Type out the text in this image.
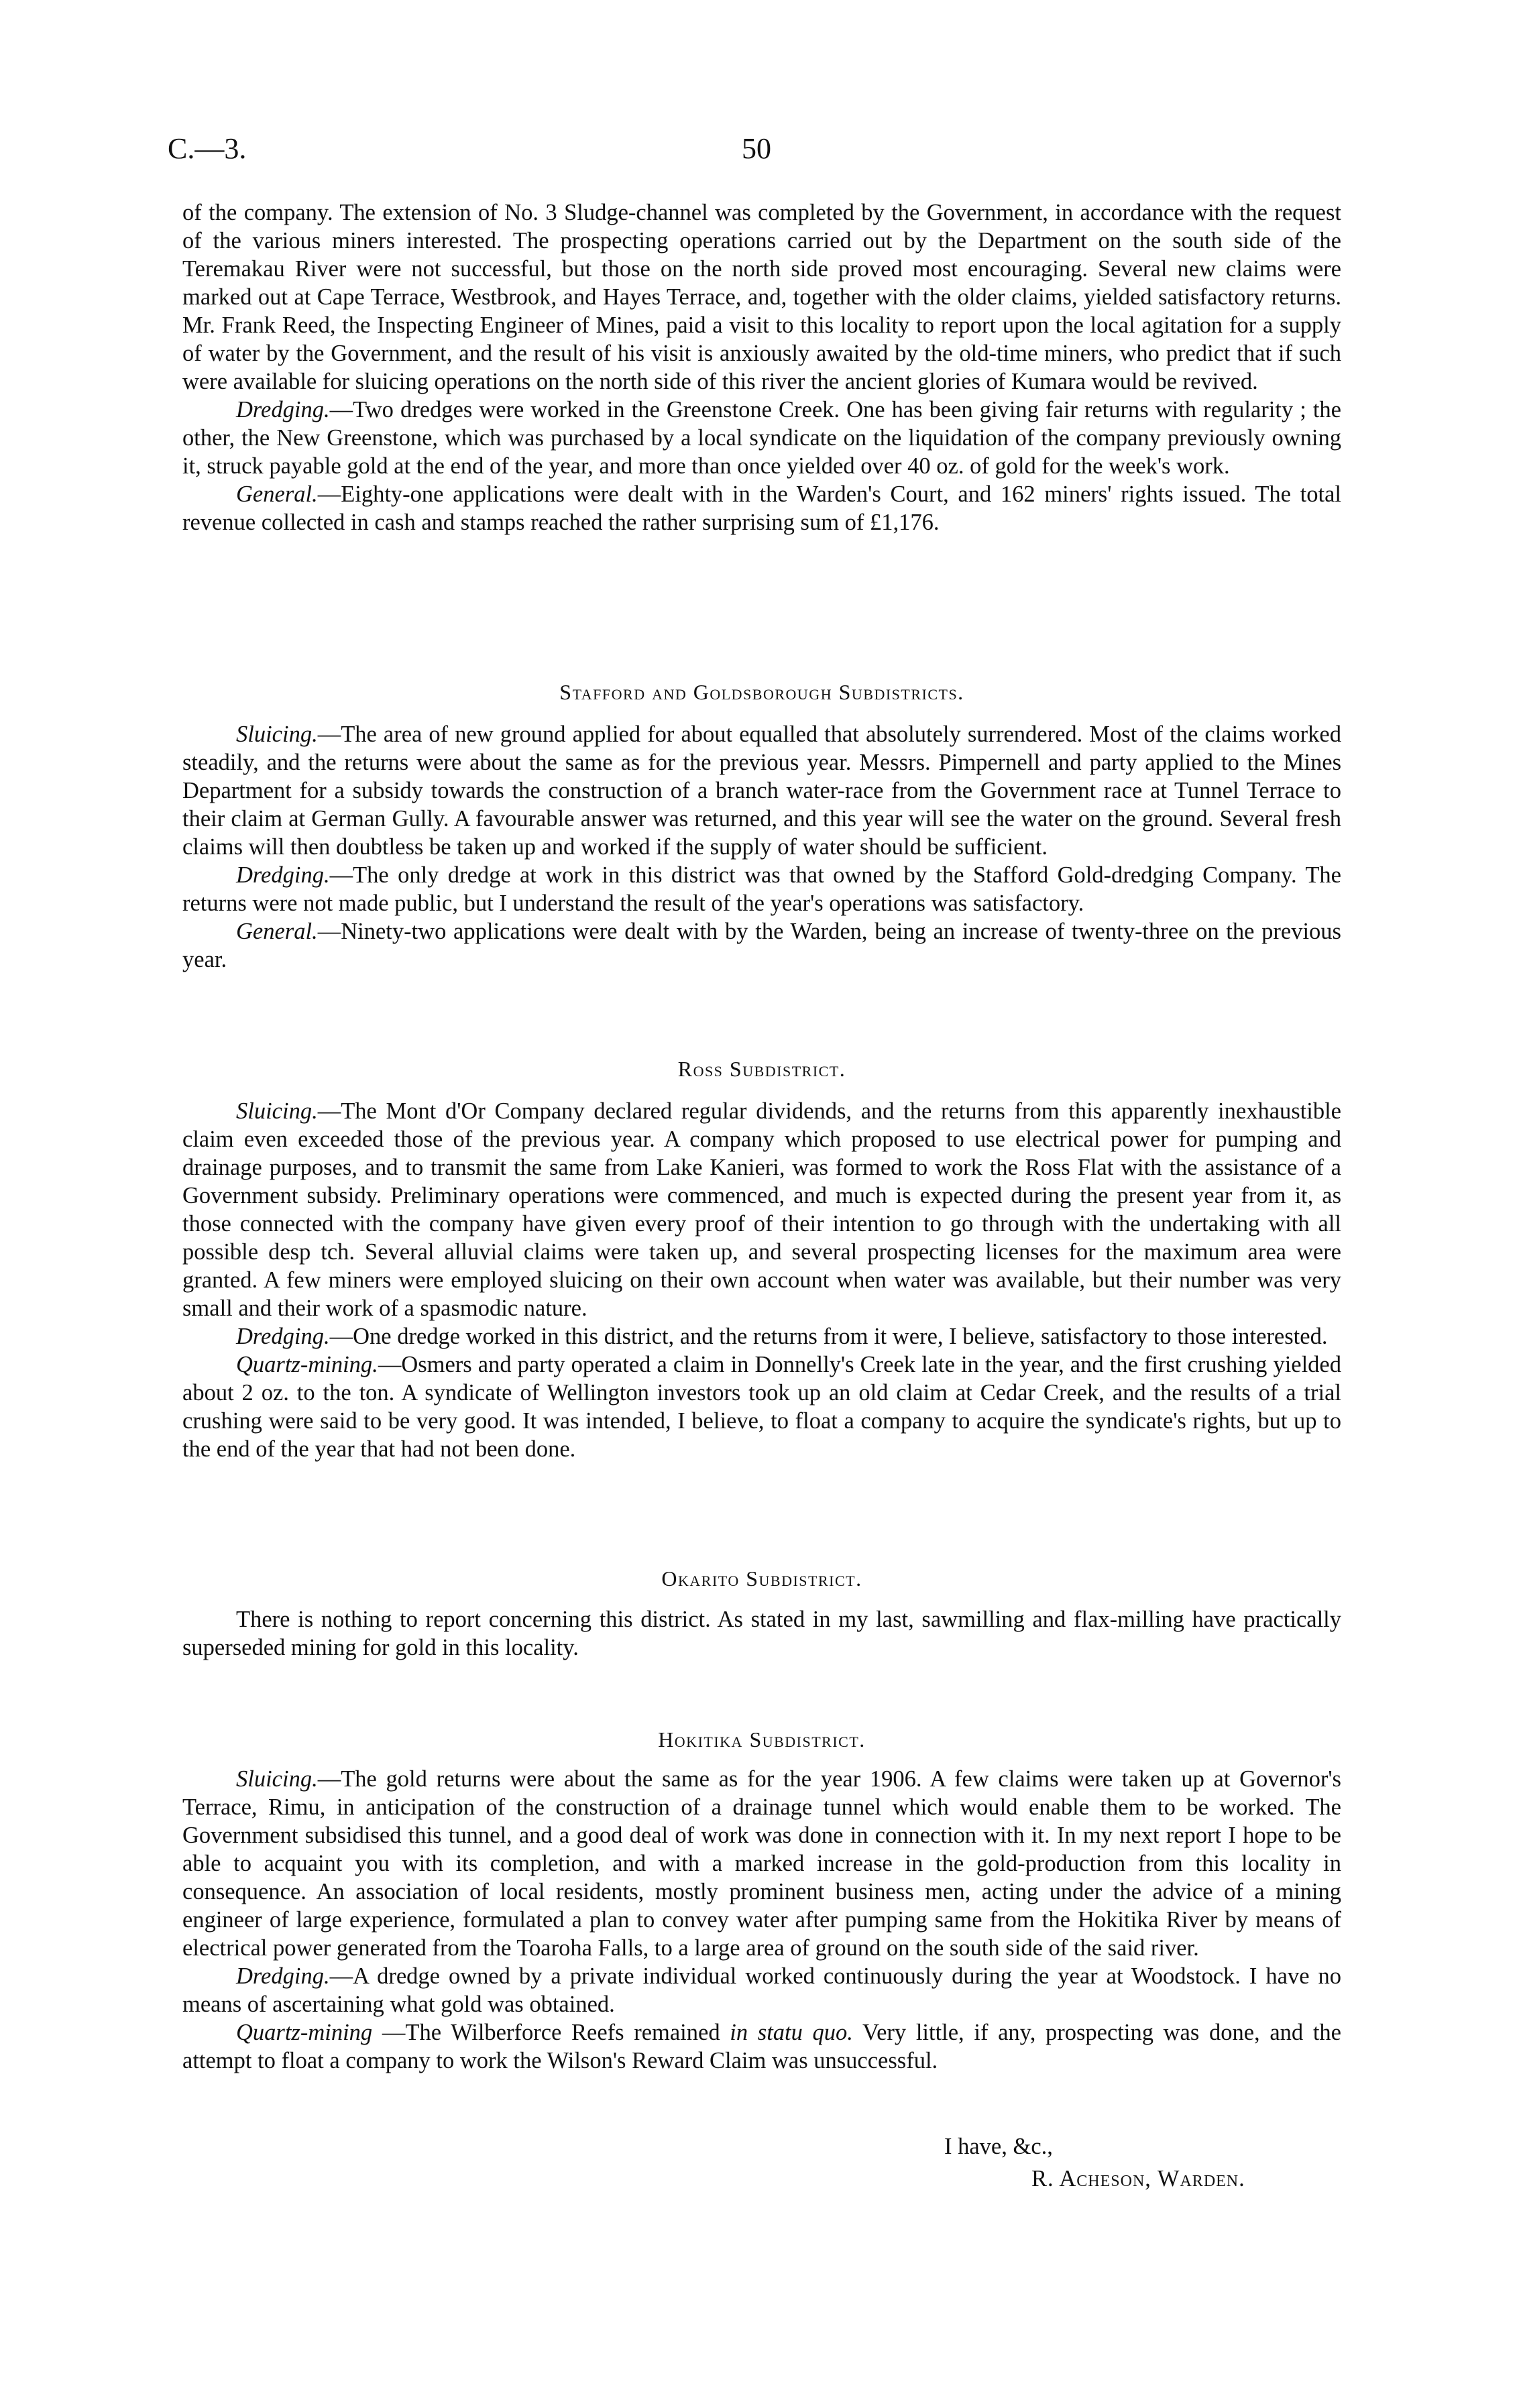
C.—3.	50

of the company. The extension of No. 3 Sludge-channel was completed by the Government, in accordance with the request of the various miners interested. The prospecting operations carried out by the Department on the south side of the Teremakau River were not successful, but those on the north side proved most encouraging. Several new claims were marked out at Cape Terrace, Westbrook, and Hayes Terrace, and, together with the older claims, yielded satisfactory returns. Mr. Frank Reed, the Inspecting Engineer of Mines, paid a visit to this locality to report upon the local agitation for a supply of water by the Government, and the result of his visit is anxiously awaited by the old-time miners, who predict that if such were available for sluicing operations on the north side of this river the ancient glories of Kumara would be revived.

Dredging.—Two dredges were worked in the Greenstone Creek. One has been giving fair returns with regularity ; the other, the New Greenstone, which was purchased by a local syndicate on the liquidation of the company previously owning it, struck payable gold at the end of the year, and more than once yielded over 40 oz. of gold for the week's work.

General.—Eighty-one applications were dealt with in the Warden's Court, and 162 miners' rights issued. The total revenue collected in cash and stamps reached the rather surprising sum of £1,176.

Stafford and Goldsborough Subdistricts.

Sluicing.—The area of new ground applied for about equalled that absolutely surrendered. Most of the claims worked steadily, and the returns were about the same as for the previous year. Messrs. Pimpernell and party applied to the Mines Department for a subsidy towards the construction of a branch water-race from the Government race at Tunnel Terrace to their claim at German Gully. A favourable answer was returned, and this year will see the water on the ground. Several fresh claims will then doubtless be taken up and worked if the supply of water should be sufficient.

Dredging.—The only dredge at work in this district was that owned by the Stafford Gold-dredging Company. The returns were not made public, but I understand the result of the year's operations was satisfactory.

General.—Ninety-two applications were dealt with by the Warden, being an increase of twenty-three on the previous year.

Ross Subdistrict.

Sluicing.—The Mont d'Or Company declared regular dividends, and the returns from this apparently inexhaustible claim even exceeded those of the previous year. A company which proposed to use electrical power for pumping and drainage purposes, and to transmit the same from Lake Kanieri, was formed to work the Ross Flat with the assistance of a Government subsidy. Preliminary operations were commenced, and much is expected during the present year from it, as those connected with the company have given every proof of their intention to go through with the undertaking with all possible desp tch. Several alluvial claims were taken up, and several prospecting licenses for the maximum area were granted. A few miners were employed sluicing on their own account when water was available, but their number was very small and their work of a spasmodic nature.

Dredging.—One dredge worked in this district, and the returns from it were, I believe, satisfactory to those interested.

Quartz-mining.—Osmers and party operated a claim in Donnelly's Creek late in the year, and the first crushing yielded about 2 oz. to the ton. A syndicate of Wellington investors took up an old claim at Cedar Creek, and the results of a trial crushing were said to be very good. It was intended, I believe, to float a company to acquire the syndicate's rights, but up to the end of the year that had not been done.

Okarito Subdistrict.

There is nothing to report concerning this district. As stated in my last, sawmilling and flax-milling have practically superseded mining for gold in this locality.

Hokitika Subdistrict.

Sluicing.—The gold returns were about the same as for the year 1906. A few claims were taken up at Governor's Terrace, Rimu, in anticipation of the construction of a drainage tunnel which would enable them to be worked. The Government subsidised this tunnel, and a good deal of work was done in connection with it. In my next report I hope to be able to acquaint you with its completion, and with a marked increase in the gold-production from this locality in consequence. An association of local residents, mostly prominent business men, acting under the advice of a mining engineer of large experience, formulated a plan to convey water after pumping same from the Hokitika River by means of electrical power generated from the Toaroha Falls, to a large area of ground on the south side of the said river.

Dredging.—A dredge owned by a private individual worked continuously during the year at Woodstock. I have no means of ascertaining what gold was obtained.

Quartz-mining —The Wilberforce Reefs remained in statu quo. Very little, if any, prospecting was done, and the attempt to float a company to work the Wilson's Reward Claim was unsuccessful.

I have, &c.,
R. Acheson, Warden.
